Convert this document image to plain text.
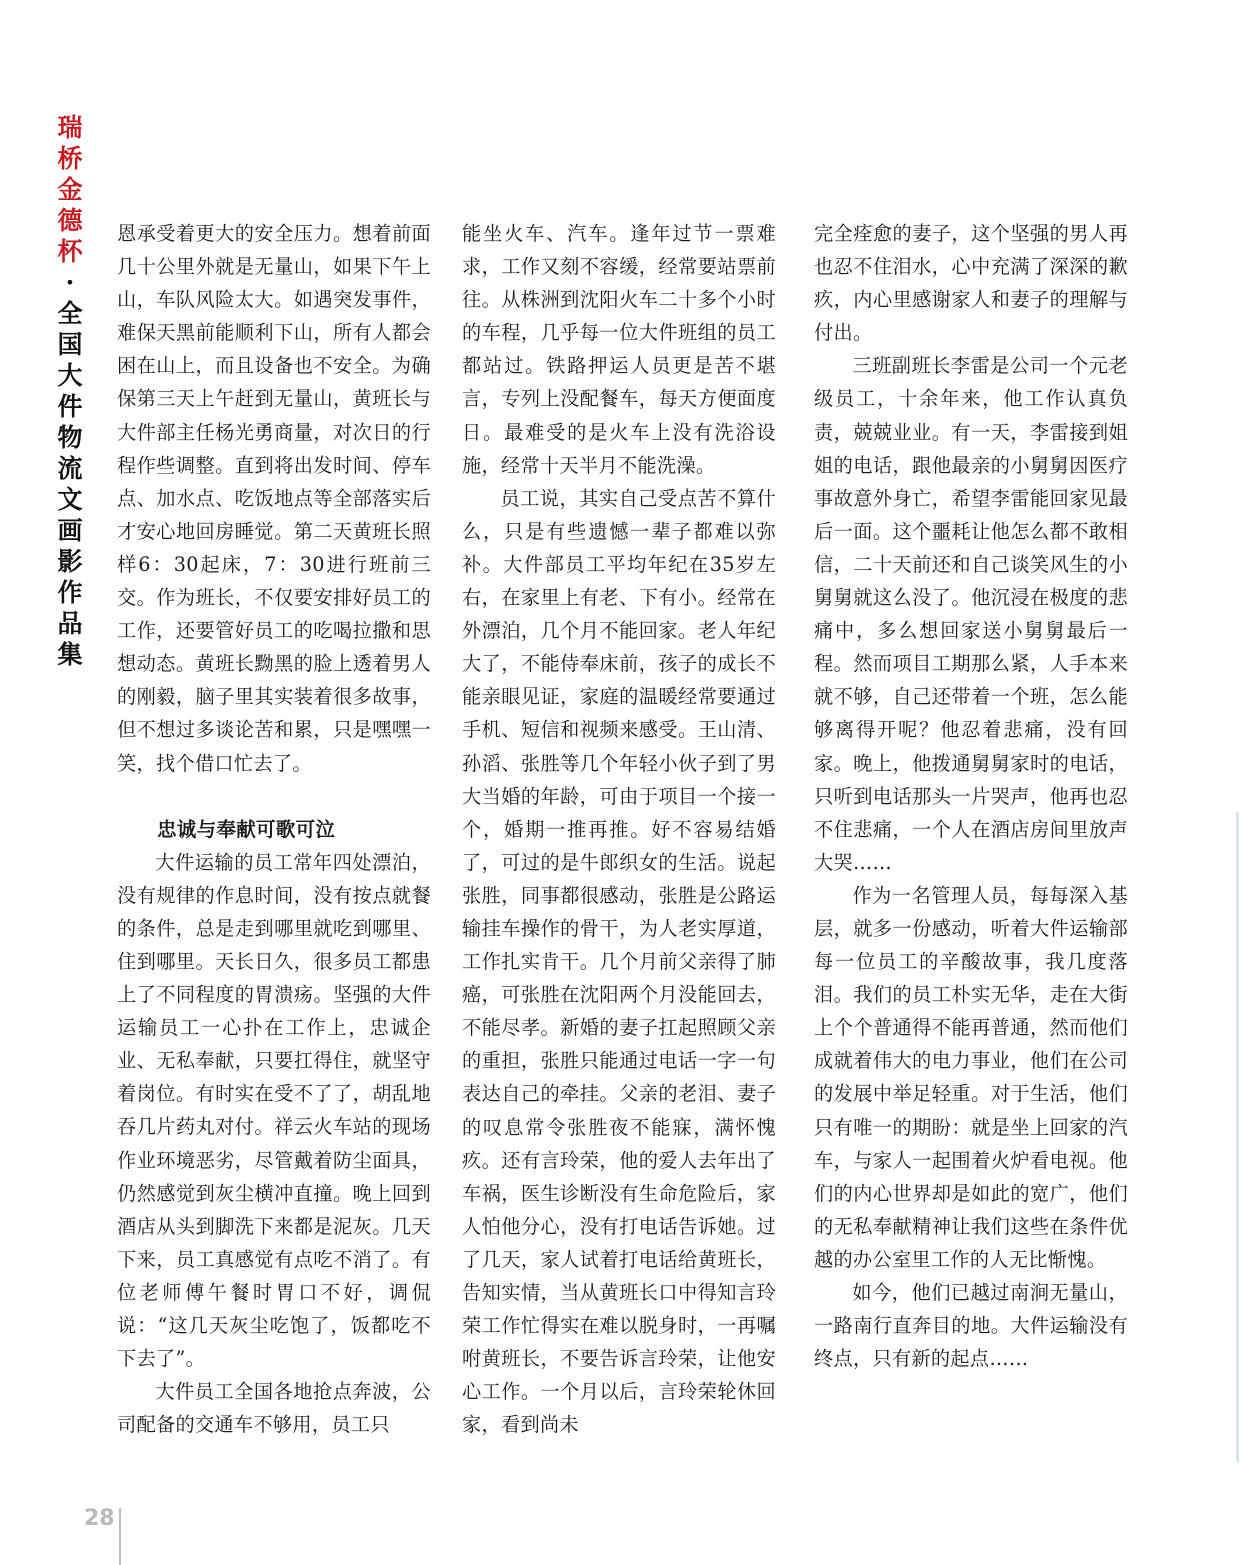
瑞
桥
金
德
杯
·
全
国
大
件
物
流
文
画
影
作
品
集

恩承受着更大的安全压力。想着前面几十公里外就是无量山，如果下午上山，车队风险太大。如遇突发事件，难保天黑前能顺利下山，所有人都会困在山上，而且设备也不安全。为确保第三天上午赶到无量山，黄班长与大件部主任杨光勇商量，对次日的行程作些调整。直到将出发时间、停车点、加水点、吃饭地点等全部落实后才安心地回房睡觉。第二天黄班长照样6：30起床，7：30进行班前三交。作为班长，不仅要安排好员工的工作，还要管好员工的吃喝拉撒和思想动态。黄班长黝黑的脸上透着男人的刚毅，脑子里其实装着很多故事，但不想过多谈论苦和累，只是嘿嘿一笑，找个借口忙去了。

忠诚与奉献可歌可泣

大件运输的员工常年四处漂泊，没有规律的作息时间，没有按点就餐的条件，总是走到哪里就吃到哪里、住到哪里。天长日久，很多员工都患上了不同程度的胃溃疡。坚强的大件运输员工一心扑在工作上，忠诚企业、无私奉献，只要扛得住，就坚守着岗位。有时实在受不了了，胡乱地吞几片药丸对付。祥云火车站的现场作业环境恶劣，尽管戴着防尘面具，仍然感觉到灰尘横冲直撞。晚上回到酒店从头到脚洗下来都是泥灰。几天下来，员工真感觉有点吃不消了。有位老师傅午餐时胃口不好，调侃说：“这几天灰尘吃饱了，饭都吃不下去了”。

大件员工全国各地抢点奔波，公司配备的交通车不够用，员工只

能坐火车、汽车。逢年过节一票难求，工作又刻不容缓，经常要站票前往。从株洲到沈阳火车二十多个小时的车程，几乎每一位大件班组的员工都站过。铁路押运人员更是苦不堪言，专列上没配餐车，每天方便面度日。最难受的是火车上没有洗浴设施，经常十天半月不能洗澡。

员工说，其实自己受点苦不算什么，只是有些遗憾一辈子都难以弥补。大件部员工平均年纪在35岁左右，在家里上有老、下有小。经常在外漂泊，几个月不能回家。老人年纪大了，不能侍奉床前，孩子的成长不能亲眼见证，家庭的温暖经常要通过手机、短信和视频来感受。王山清、孙滔、张胜等几个年轻小伙子到了男大当婚的年龄，可由于项目一个接一个，婚期一推再推。好不容易结婚了，可过的是牛郎织女的生活。说起张胜，同事都很感动，张胜是公路运输挂车操作的骨干，为人老实厚道，工作扎实肯干。几个月前父亲得了肺癌，可张胜在沈阳两个月没能回去，不能尽孝。新婚的妻子扛起照顾父亲的重担，张胜只能通过电话一字一句表达自己的牵挂。父亲的老泪、妻子的叹息常令张胜夜不能寐，满怀愧疚。还有言玲荣，他的爱人去年出了车祸，医生诊断没有生命危险后，家人怕他分心，没有打电话告诉她。过了几天，家人试着打电话给黄班长，告知实情，当从黄班长口中得知言玲荣工作忙得实在难以脱身时，一再嘱咐黄班长，不要告诉言玲荣，让他安心工作。一个月以后，言玲荣轮休回家，看到尚未

完全痊愈的妻子，这个坚强的男人再也忍不住泪水，心中充满了深深的歉疚，内心里感谢家人和妻子的理解与付出。

三班副班长李雷是公司一个元老级员工，十余年来，他工作认真负责，兢兢业业。有一天，李雷接到姐姐的电话，跟他最亲的小舅舅因医疗事故意外身亡，希望李雷能回家见最后一面。这个噩耗让他怎么都不敢相信，二十天前还和自己谈笑风生的小舅舅就这么没了。他沉浸在极度的悲痛中，多么想回家送小舅舅最后一程。然而项目工期那么紧，人手本来就不够，自己还带着一个班，怎么能够离得开呢？他忍着悲痛，没有回家。晚上，他拨通舅舅家时的电话，只听到电话那头一片哭声，他再也忍不住悲痛，一个人在酒店房间里放声大哭……

作为一名管理人员，每每深入基层，就多一份感动，听着大件运输部每一位员工的辛酸故事，我几度落泪。我们的员工朴实无华，走在大街上个个普通得不能再普通，然而他们成就着伟大的电力事业，他们在公司的发展中举足轻重。对于生活，他们只有唯一的期盼：就是坐上回家的汽车，与家人一起围着火炉看电视。他们的内心世界却是如此的宽广，他们的无私奉献精神让我们这些在条件优越的办公室里工作的人无比惭愧。

如今，他们已越过南涧无量山，一路南行直奔目的地。大件运输没有终点，只有新的起点……

28
